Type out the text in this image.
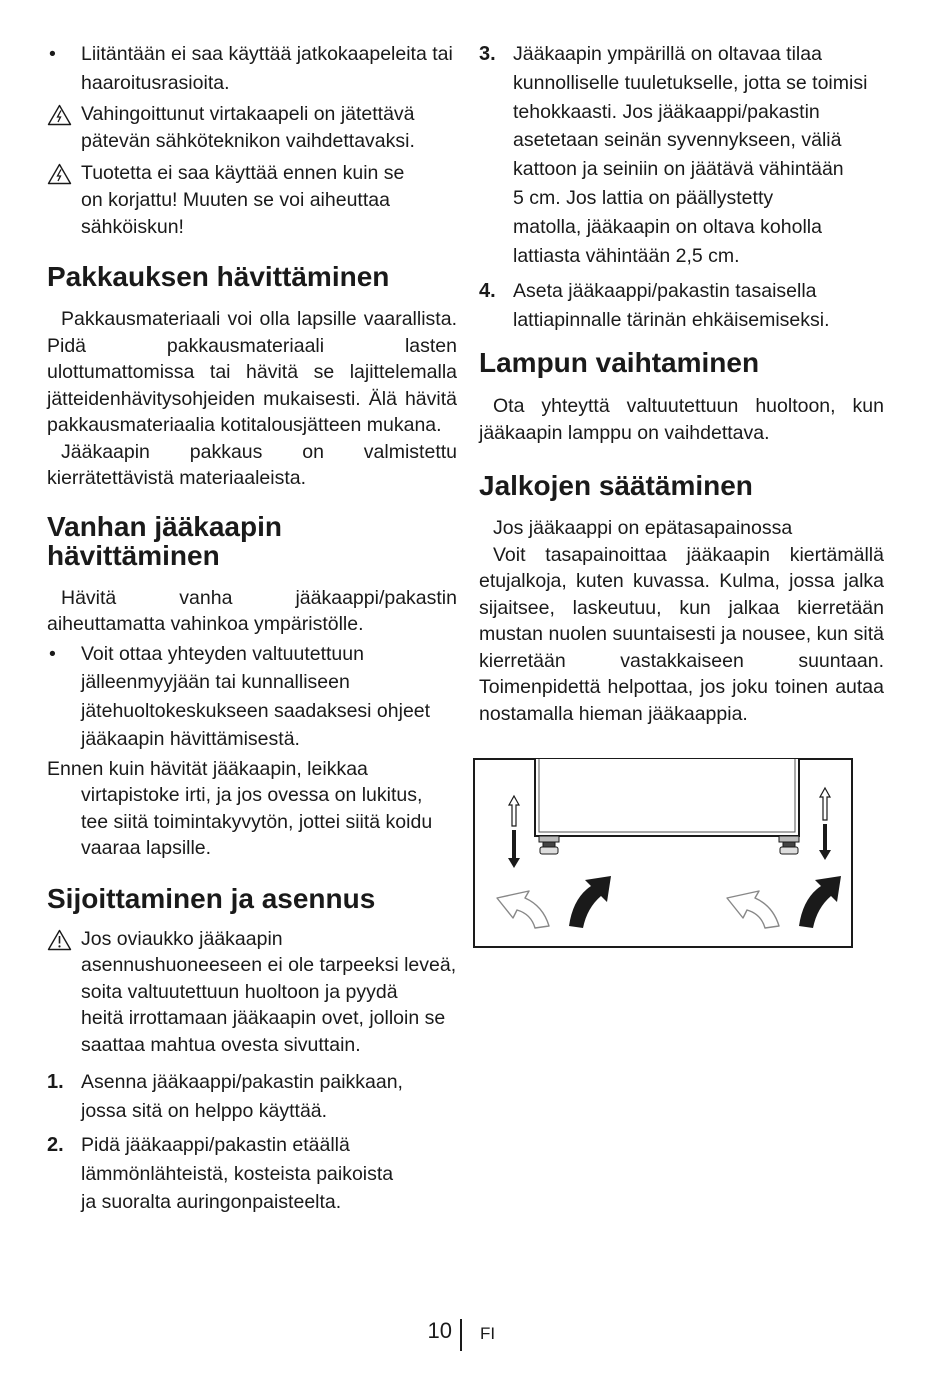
• Liitäntään ei saa käyttää jatkokaapeleita tai
haaroitusrasioita.

Vahingoittunut virtakaapeli on jätettävä
pätevän sähköteknikon vaihdettavaksi.

Tuotetta ei saa käyttää ennen kuin se
on korjattu! Muuten se voi aiheuttaa
sähköiskun!

Pakkauksen hävittäminen

Pakkausmateriaali voi olla lapsille vaarallista. Pidä pakkausmateriaali lasten ulottumattomissa tai hävitä se lajittelemalla jätteidenhävitysohjeiden mukaisesti. Älä hävitä pakkausmateriaalia kotitalousjätteen mukana.

Jääkaapin pakkaus on valmistettu kierrätettävistä materiaaleista.

Vanhan jääkaapin
hävittäminen

Hävitä vanha jääkaappi/pakastin aiheuttamatta vahinkoa ympäristölle.

• Voit ottaa yhteyden valtuutettuun
jälleenmyyjään tai kunnalliseen
jätehuoltokeskukseen saadaksesi ohjeet
jääkaapin hävittämisestä.

Ennen kuin hävität jääkaapin, leikkaa
virtapistoke irti, ja jos ovessa on lukitus,
tee siitä toimintakyvytön, jottei siitä koidu
vaaraa lapsille.

Sijoittaminen ja asennus

Jos oviaukko jääkaapin
asennushuoneeseen ei ole tarpeeksi leveä,
soita valtuutettuun huoltoon ja pyydä
heitä irrottamaan jääkaapin ovet, jolloin se
saattaa mahtua ovesta sivuttain.

1. Asenna jääkaappi/pakastin paikkaan,
jossa sitä on helppo käyttää.

2. Pidä jääkaappi/pakastin etäällä
lämmönlähteistä, kosteista paikoista
ja suoralta auringonpaisteelta.

3. Jääkaapin ympärillä on oltavaa tilaa
kunnolliselle tuuletukselle, jotta se toimisi
tehokkaasti. Jos jääkaappi/pakastin
asetetaan seinän syvennykseen, väliä
kattoon ja seiniin on jäätävä vähintään
5 cm. Jos lattia on päällystetty
matolla, jääkaapin on oltava koholla
lattiasta vähintään 2,5 cm.

4. Aseta jääkaappi/pakastin tasaisella
lattiapinnalle tärinän ehkäisemiseksi.

Lampun vaihtaminen

Ota yhteyttä valtuutettuun huoltoon, kun jääkaapin lamppu on vaihdettava.

Jalkojen säätäminen

Jos jääkaappi on epätasapainossa

Voit tasapainoittaa jääkaapin kiertämällä etujalkoja, kuten kuvassa. Kulma, jossa jalka sijaitsee, laskeutuu, kun jalkaa kierretään mustan nuolen suuntaisesti ja nousee, kun sitä kierretään vastakkaiseen suuntaan. Toimenpidettä helpottaa, jos joku toinen autaa nostamalla hieman jääkaappia.

10 FI
